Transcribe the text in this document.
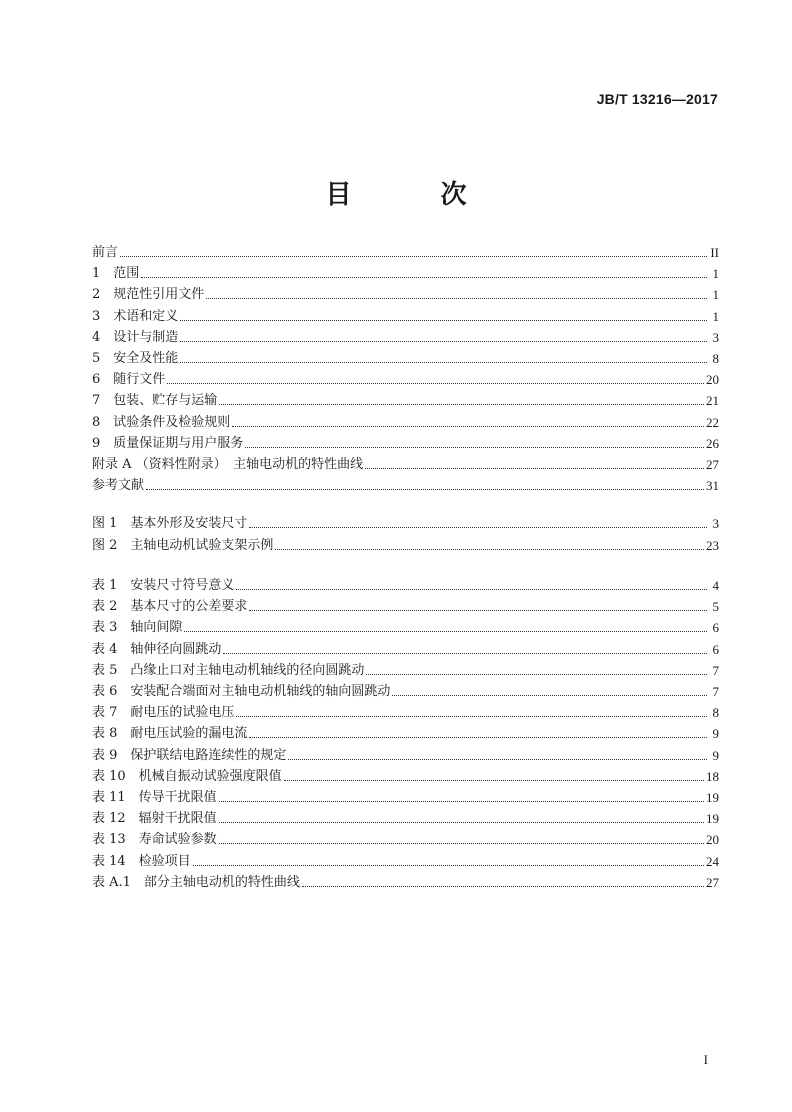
JB/T 13216—2017
目 次
前言	II
1　范围	1
2　规范性引用文件	1
3　术语和定义	1
4　设计与制造	3
5　安全及性能	8
6　随行文件	20
7　包装、贮存与运输	21
8　试验条件及检验规则	22
9　质量保证期与用户服务	26
附录 A （资料性附录）　主轴电动机的特性曲线	27
参考文献	31
图 1　基本外形及安装尺寸	3
图 2　主轴电动机试验支架示例	23
表 1　安装尺寸符号意义	4
表 2　基本尺寸的公差要求	5
表 3　轴向间隙	6
表 4　轴伸径向圆跳动	6
表 5　凸缘止口对主轴电动机轴线的径向圆跳动	7
表 6　安装配合端面对主轴电动机轴线的轴向圆跳动	7
表 7　耐电压的试验电压	8
表 8　耐电压试验的漏电流	9
表 9　保护联结电路连续性的规定	9
表 10　机械自振动试验强度限值	18
表 11　传导干扰限值	19
表 12　辐射干扰限值	19
表 13　寿命试验参数	20
表 14　检验项目	24
表 A.1　部分主轴电动机的特性曲线	27
I
